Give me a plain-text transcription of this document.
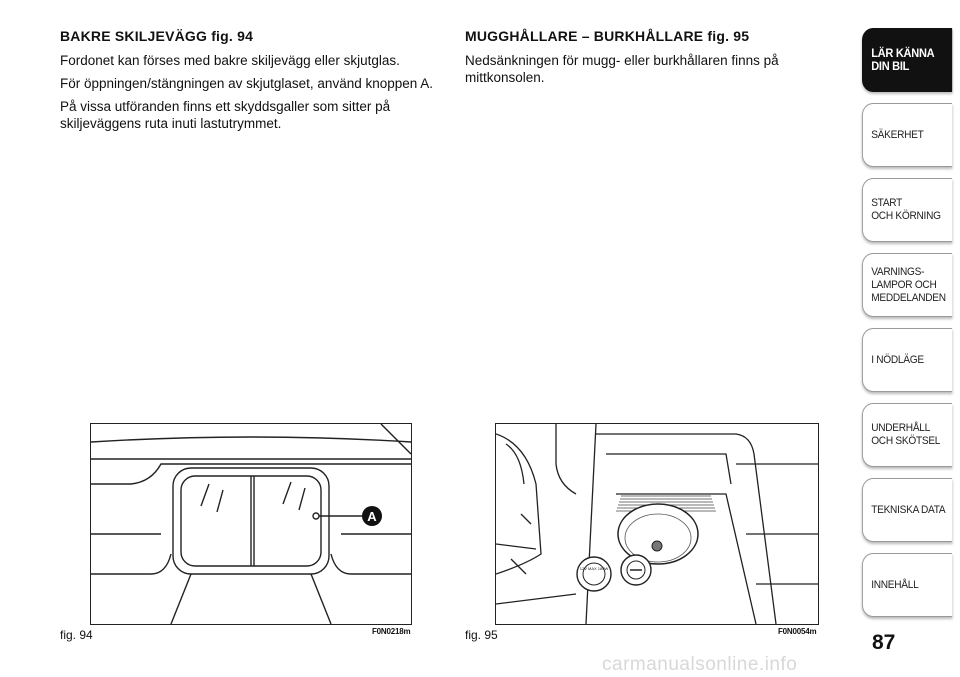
BAKRE SKILJEVÄGG fig. 94

Fordonet kan förses med bakre skiljevägg eller skjutglas.

För öppningen/stängningen av skjutglaset, använd knoppen A.

På vissa utföranden finns ett skyddsgaller som sitter på skiljeväggens ruta inuti lastutrymmet.

MUGGHÅLLARE – BURKHÅLLARE fig. 95

Nedsänkningen för mugg- eller burkhållaren finns på mittkonsolen.

A
fig. 94	F0N0218m
12V MAX 180W
fig. 95	F0N0054m	87
carmanualsonline.info
LÄR KÄNNA
DIN BIL
SÄKERHET
START
OCH KÖRNING
VARNINGS-
LAMPOR OCH
MEDDELANDEN
I NÖDLÄGE
UNDERHÅLL
OCH SKÖTSEL
TEKNISKA DATA
INNEHÅLL
